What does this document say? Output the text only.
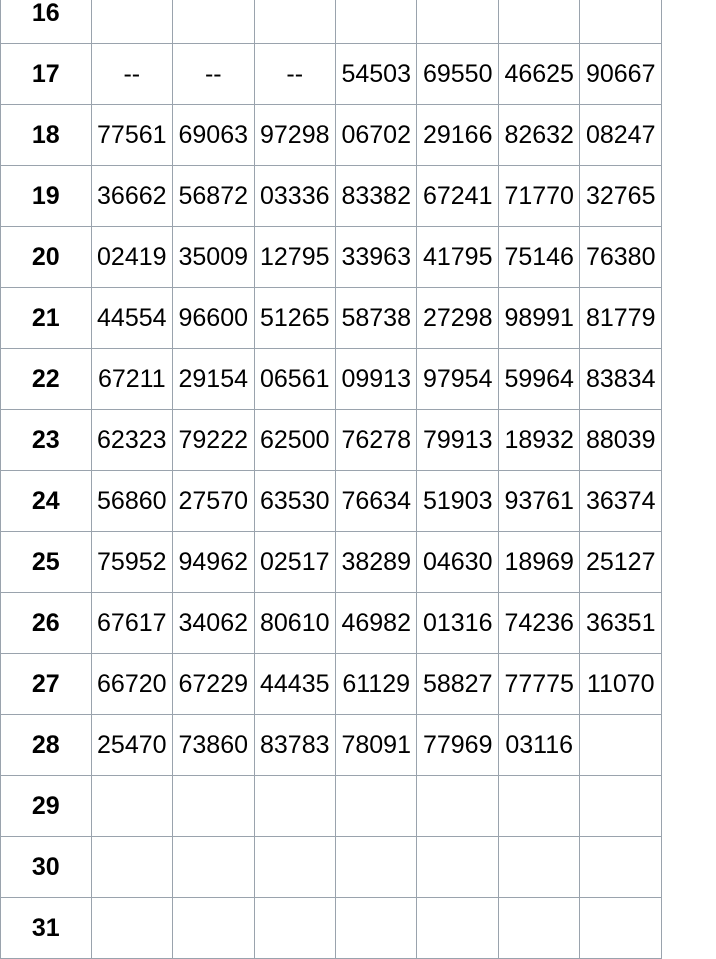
16							
17	--	--	--	54503	69550	46625	90667
18	77561	69063	97298	06702	29166	82632	08247
19	36662	56872	03336	83382	67241	71770	32765
20	02419	35009	12795	33963	41795	75146	76380
21	44554	96600	51265	58738	27298	98991	81779
22	67211	29154	06561	09913	97954	59964	83834
23	62323	79222	62500	76278	79913	18932	88039
24	56860	27570	63530	76634	51903	93761	36374
25	75952	94962	02517	38289	04630	18969	25127
26	67617	34062	80610	46982	01316	74236	36351
27	66720	67229	44435	61129	58827	77775	11070
28	25470	73860	83783	78091	77969	03116	
29							
30							
31							
